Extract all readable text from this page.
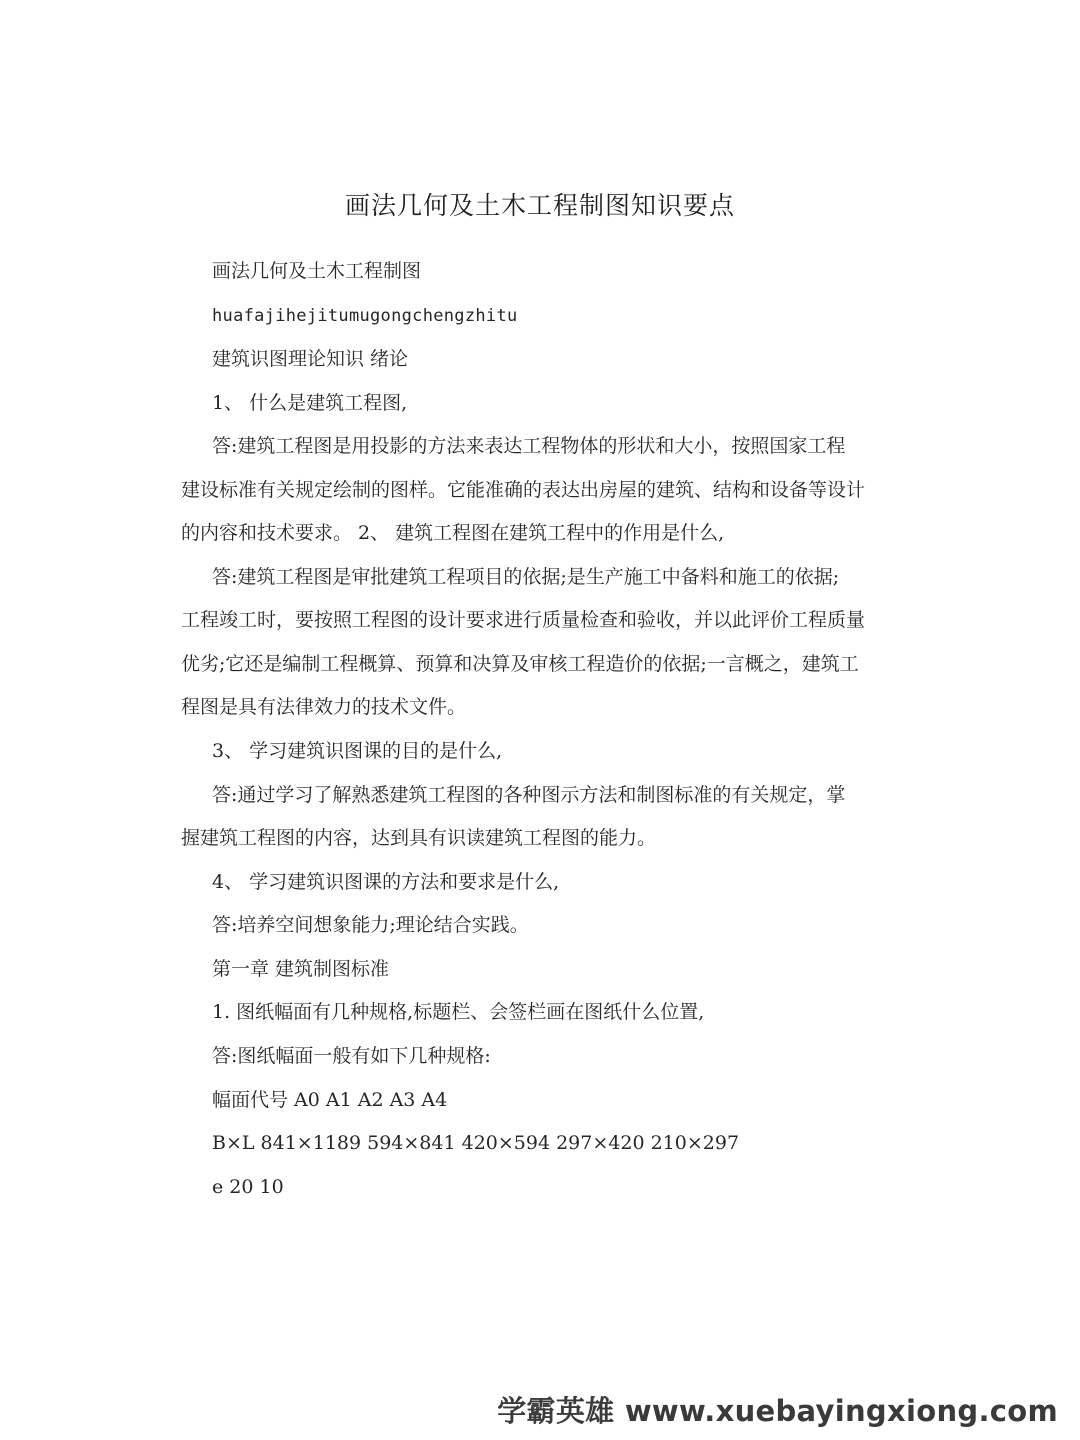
画法几何及土木工程制图知识要点
画法几何及土木工程制图
huafajihejitumugongchengzhitu
建筑识图理论知识 绪论
1、 什么是建筑工程图,
答:建筑工程图是用投影的方法来表达工程物体的形状和大小，按照国家工程
建设标准有关规定绘制的图样。它能准确的表达出房屋的建筑、结构和设备等设计
的内容和技术要求。 2、 建筑工程图在建筑工程中的作用是什么,
答:建筑工程图是审批建筑工程项目的依据;是生产施工中备料和施工的依据;
工程竣工时，要按照工程图的设计要求进行质量检查和验收，并以此评价工程质量
优劣;它还是编制工程概算、预算和决算及审核工程造价的依据;一言概之，建筑工
程图是具有法律效力的技术文件。
3、 学习建筑识图课的目的是什么,
答:通过学习了解熟悉建筑工程图的各种图示方法和制图标准的有关规定，掌
握建筑工程图的内容，达到具有识读建筑工程图的能力。
4、 学习建筑识图课的方法和要求是什么,
答:培养空间想象能力;理论结合实践。
第一章 建筑制图标准
1. 图纸幅面有几种规格,标题栏、会签栏画在图纸什么位置,
答:图纸幅面一般有如下几种规格:
幅面代号 A0 A1 A2 A3 A4
B×L 841×1189 594×841 420×594 297×420 210×297
e 20 10
学霸英雄 www.xuebayingxiong.com
